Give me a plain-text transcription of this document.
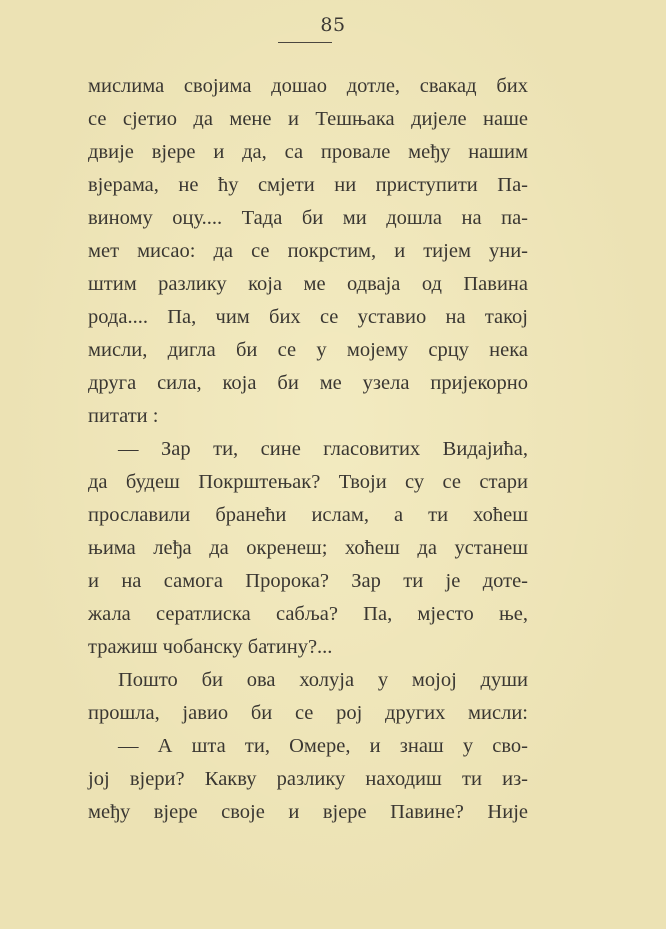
85
мислима својима дошао дотле, свакад бих
се сјетио да мене и Тешњака дијеле наше
двије вјере и да, са провале међу нашим
вјерама, не ћу смјети ни приступити Па-
виному оцу.... Тада би ми дошла на па-
мет мисао: да се покрстим, и тијем уни-
штим разлику која ме одваја од Павина
рода.... Па, чим бих се уставио на такој
мисли, дигла би се у мојему срцу нека
друга сила, која би ме узела пријекорно
питати :
— Зар ти, сине гласовитих Видајића,
да будеш Покрштењак? Твоји су се стари
прославили бранећи ислам, а ти хоћеш
њима леђа да окренеш; хоћеш да устанеш
и на самога Пророка? Зар ти је доте-
жала сератлиска сабља? Па, мјесто ње,
тражиш чобанску батину?...
Пошто би ова холуја у мојој души
прошла, јавио би се рој других мисли:
— А шта ти, Омере, и знаш у сво-
јој вјери? Какву разлику находиш ти из-
међу вјере своје и вјере Павине? Није
